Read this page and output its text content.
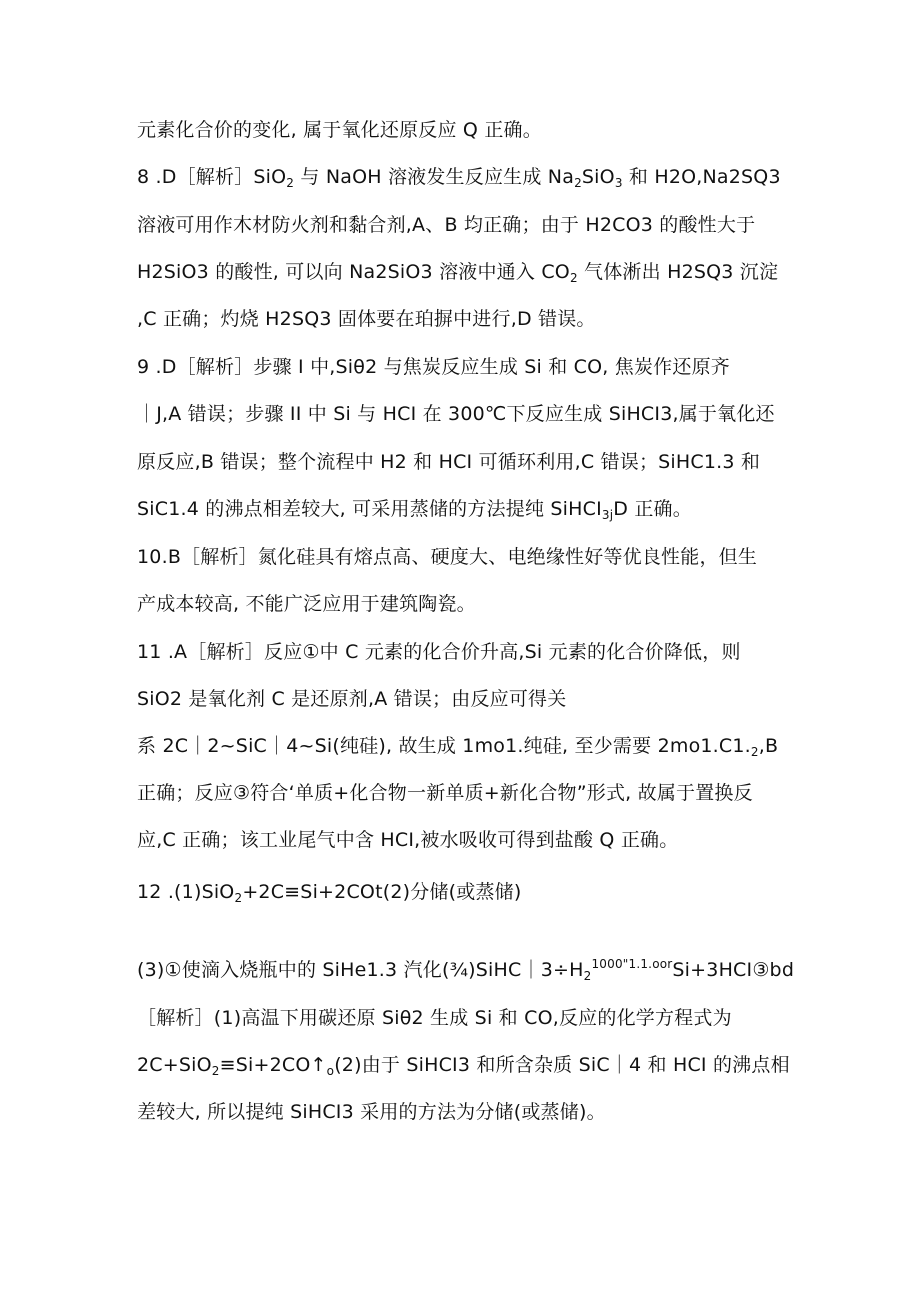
元素化合价的变化, 属于氧化还原反应 Q 正确。
8 .D［解析］SiO$_2$ 与 NaOH 溶液发生反应生成 $Na_2SiO_3$ 和 H2O,Na2SQ3
溶液可用作木材防火剂和黏合剂,A、B 均正确；由于 H2CO3 的酸性大于
H2SiO3 的酸性, 可以向 Na2SiO3 溶液中通入 $CO_2$ 气体淅出 H2SQ3 沉淀
,C 正确；灼烧 H2SQ3 固体要在珀摒中进行,D 错误。
9 .D［解析］步骤 I 中,Siθ2 与焦炭反应生成 Si 和 CO, 焦炭作还原齐
｜J,A 错误；步骤 II 中 Si 与 HCI 在 300℃下反应生成 SiHCI3,属于氧化还
原反应,B 错误；整个流程中 H2 和 HCI 可循环利用,C 错误；SiHC1.3 和
SiC1.4 的沸点相差较大, 可采用蒸储的方法提纯 SiHCI$_{3j}$D 正确。
10.B［解析］氮化硅具有熔点高、硬度大、电绝缘性好等优良性能，但生
产成本较高, 不能广泛应用于建筑陶瓷。
11 .A［解析］反应①中 C 元素的化合价升高,Si 元素的化合价降低，则
SiO2 是氧化剂 C 是还原剂,A 错误；由反应可得关
系 2C｜2~SiC｜4~Si(纯硅), 故生成 1mo1.纯硅, 至少需要 $2mo1.C1._2,B$
正确；反应③符合‘单质+化合物一新单质+新化合物”形式, 故属于置换反
应,C 正确；该工业尾气中含 HCI,被水吸收可得到盐酸 Q 正确。
12 .(1)SiO$_2$+2C≡Si+2COt(2)分储(或蒸储)
(3)①使滴入烧瓶中的 SiHe1.3 汽化$(\frac{3}{4})SiHC|3\div H_2^{1000"1.1.oor}Si+3HCI③bd$
［解析］(1)高温下用碳还原 Siθ2 生成 Si 和 CO,反应的化学方程式为
$2C+SiO_2\equiv Si+2CO↑_o(2)$由于 SiHCI3 和所含杂质 SiC｜4 和 HCI 的沸点相
差较大, 所以提纯 SiHCI3 采用的方法为分储(或蒸储)。
